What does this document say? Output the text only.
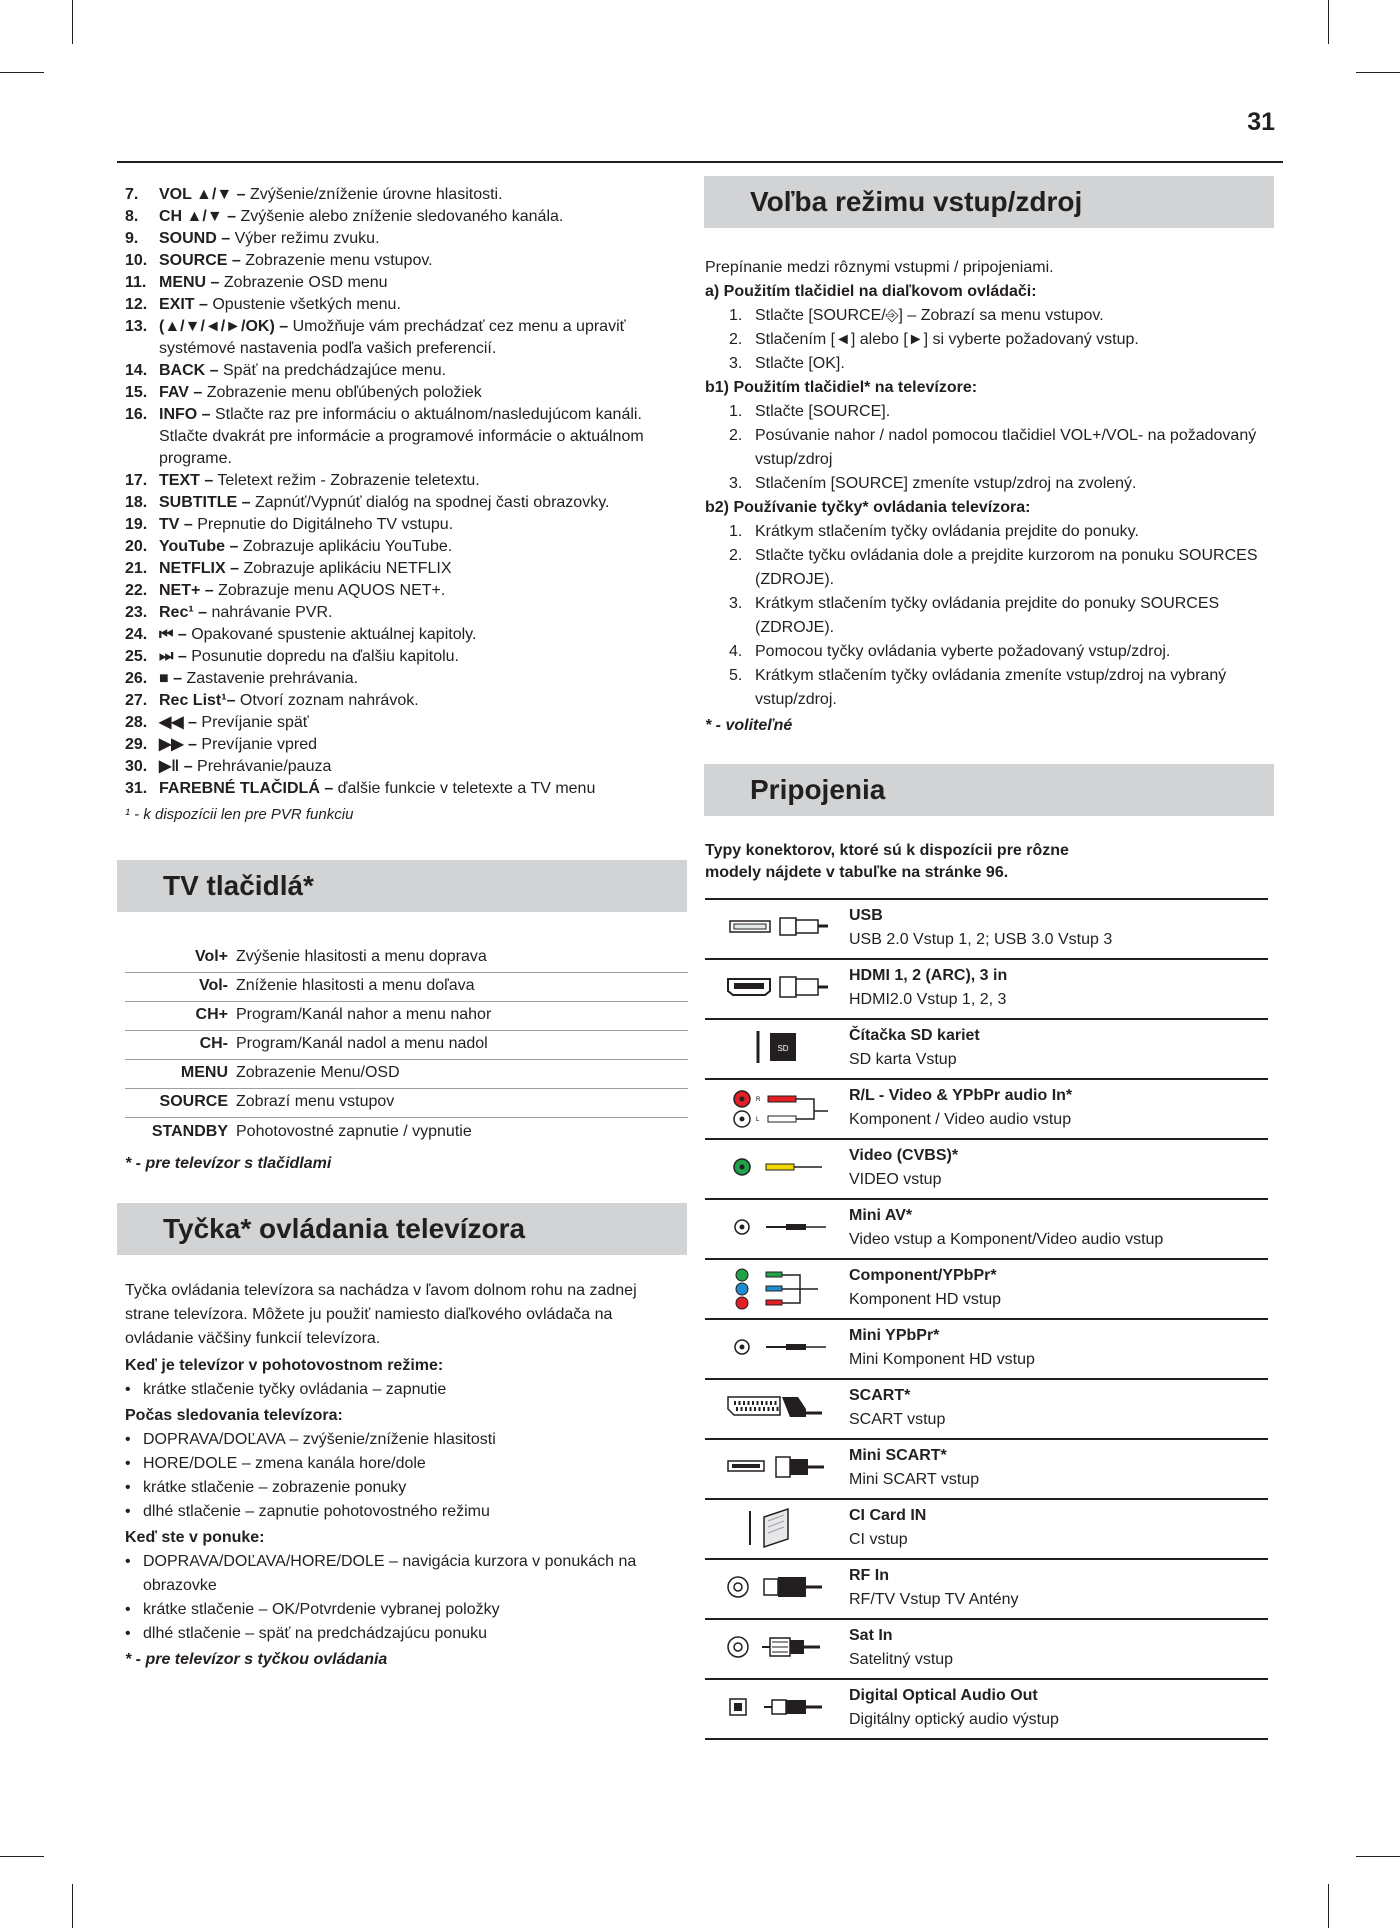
31
7.	VOL ▲/▼ – Zvýšenie/zníženie úrovne hlasitosti.
8.	CH ▲/▼ – Zvýšenie alebo zníženie sledovaného kanála.
9.	SOUND – Výber režimu zvuku.
10. SOURCE – Zobrazenie menu vstupov.
11. MENU – Zobrazenie OSD menu
12. EXIT – Opustenie všetkých menu.
13. (▲/▼/◄/►/OK) – Umožňuje vám prechádzať cez menu a upraviť systémové nastavenia podľa vašich preferencií.
14. BACK – Späť na predchádzajúce menu.
15. FAV – Zobrazenie menu obľúbených položiek
16. INFO – Stlačte raz pre informáciu o aktuálnom/nasledujúcom kanáli. Stlačte dvakrát pre informácie a programové informácie o aktuálnom programe.
17. TEXT – Teletext režim - Zobrazenie teletextu.
18. SUBTITLE – Zapnúť/Vypnúť dialóg na spodnej časti obrazovky.
19. TV – Prepnutie do Digitálneho TV vstupu.
20. YouTube – Zobrazuje aplikáciu YouTube.
21. NETFLIX – Zobrazuje aplikáciu NETFLIX
22. NET+ – Zobrazuje menu AQUOS NET+.
23. Rec¹ – nahrávanie PVR.
24. ⏮ – Opakované spustenie aktuálnej kapitoly.
25. ⏭ – Posunutie dopredu na ďalšiu kapitolu.
26. ■ – Zastavenie prehrávania.
27. Rec List¹– Otvorí zoznam nahrávok.
28. ◀◀ – Prevíjanie späť
29. ▶▶ – Prevíjanie vpred
30. ▶‖ – Prehrávanie/pauza
31. FAREBNÉ TLAČIDLÁ – ďalšie funkcie v teletexte a TV menu
¹ - k dispozícii len pre PVR funkciu
TV tlačidlá*
Vol+ Zvýšenie hlasitosti a menu doprava
Vol- Zníženie hlasitosti a menu doľava
CH+ Program/Kanál nahor a menu nahor
CH- Program/Kanál nadol a menu nadol
MENU Zobrazenie Menu/OSD
SOURCE Zobrazí menu vstupov
STANDBY Pohotovostné zapnutie / vypnutie
* - pre televízor s tlačidlami
Tyčka* ovládania televízora

Tyčka ovládania televízora sa nachádza v ľavom dolnom rohu na zadnej strane televízora. Môžete ju použiť namiesto diaľkového ovládača na ovládanie väčšiny funkcií televízora.

Keď je televízor v pohotovostnom režime:
• krátke stlačenie tyčky ovládania – zapnutie
Počas sledovania televízora:
• DOPRAVA/DOĽAVA – zvýšenie/zníženie hlasitosti
• HORE/DOLE – zmena kanála hore/dole
• krátke stlačenie – zobrazenie ponuky
• dlhé stlačenie – zapnutie pohotovostného režimu
Keď ste v ponuke:
• DOPRAVA/DOĽAVA/HORE/DOLE – navigácia kurzora v ponukách na obrazovke
• krátke stlačenie – OK/Potvrdenie vybranej položky
• dlhé stlačenie – späť na predchádzajúcu ponuku
* - pre televízor s tyčkou ovládania
Voľba režimu vstup/zdroj
Prepínanie medzi rôznymi vstupmi / pripojeniami.
a) Použitím tlačidiel na diaľkovom ovládači:
1. Stlačte [SOURCE/⎆] – Zobrazí sa menu vstupov.
2. Stlačením [◄] alebo [►] si vyberte požadovaný vstup.
3. Stlačte [OK].
b1) Použitím tlačidiel* na televízore:
1. Stlačte [SOURCE].
2. Posúvanie nahor / nadol pomocou tlačidiel VOL+/VOL- na požadovaný vstup/zdroj
3. Stlačením [SOURCE] zmeníte vstup/zdroj na zvolený.
b2) Používanie tyčky* ovládania televízora:
1. Krátkym stlačením tyčky ovládania prejdite do ponuky.
2. Stlačte tyčku ovládania dole a prejdite kurzorom na ponuku SOURCES (ZDROJE).
3. Krátkym stlačením tyčky ovládania prejdite do ponuky SOURCES (ZDROJE).
4. Pomocou tyčky ovládania vyberte požadovaný vstup/zdroj.
5. Krátkym stlačením tyčky ovládania zmeníte vstup/zdroj na vybraný vstup/zdroj.
* - voliteľné
Pripojenia
Typy konektorov, ktoré sú k dispozícii pre rôzne modely nájdete v tabuľke na stránke 96.
USB
USB 2.0 Vstup 1, 2; USB 3.0 Vstup 3
HDMI 1, 2 (ARC), 3 in
HDMI2.0 Vstup 1, 2, 3
SD
Čítačka SD kariet
SD karta Vstup
R
L
R/L - Video & YPbPr audio In*
Komponent / Video audio vstup
Video (CVBS)*
VIDEO vstup
Mini AV*
Video vstup a Komponent/Video audio vstup
Component/YPbPr*
Komponent HD vstup
Mini YPbPr*
Mini Komponent HD vstup
SCART*
SCART vstup
Mini SCART*
Mini SCART vstup
CI Card IN
CI vstup
RF In
RF/TV Vstup TV Antény
Sat In
Satelitný vstup
Digital Optical Audio Out
Digitálny optický audio výstup
